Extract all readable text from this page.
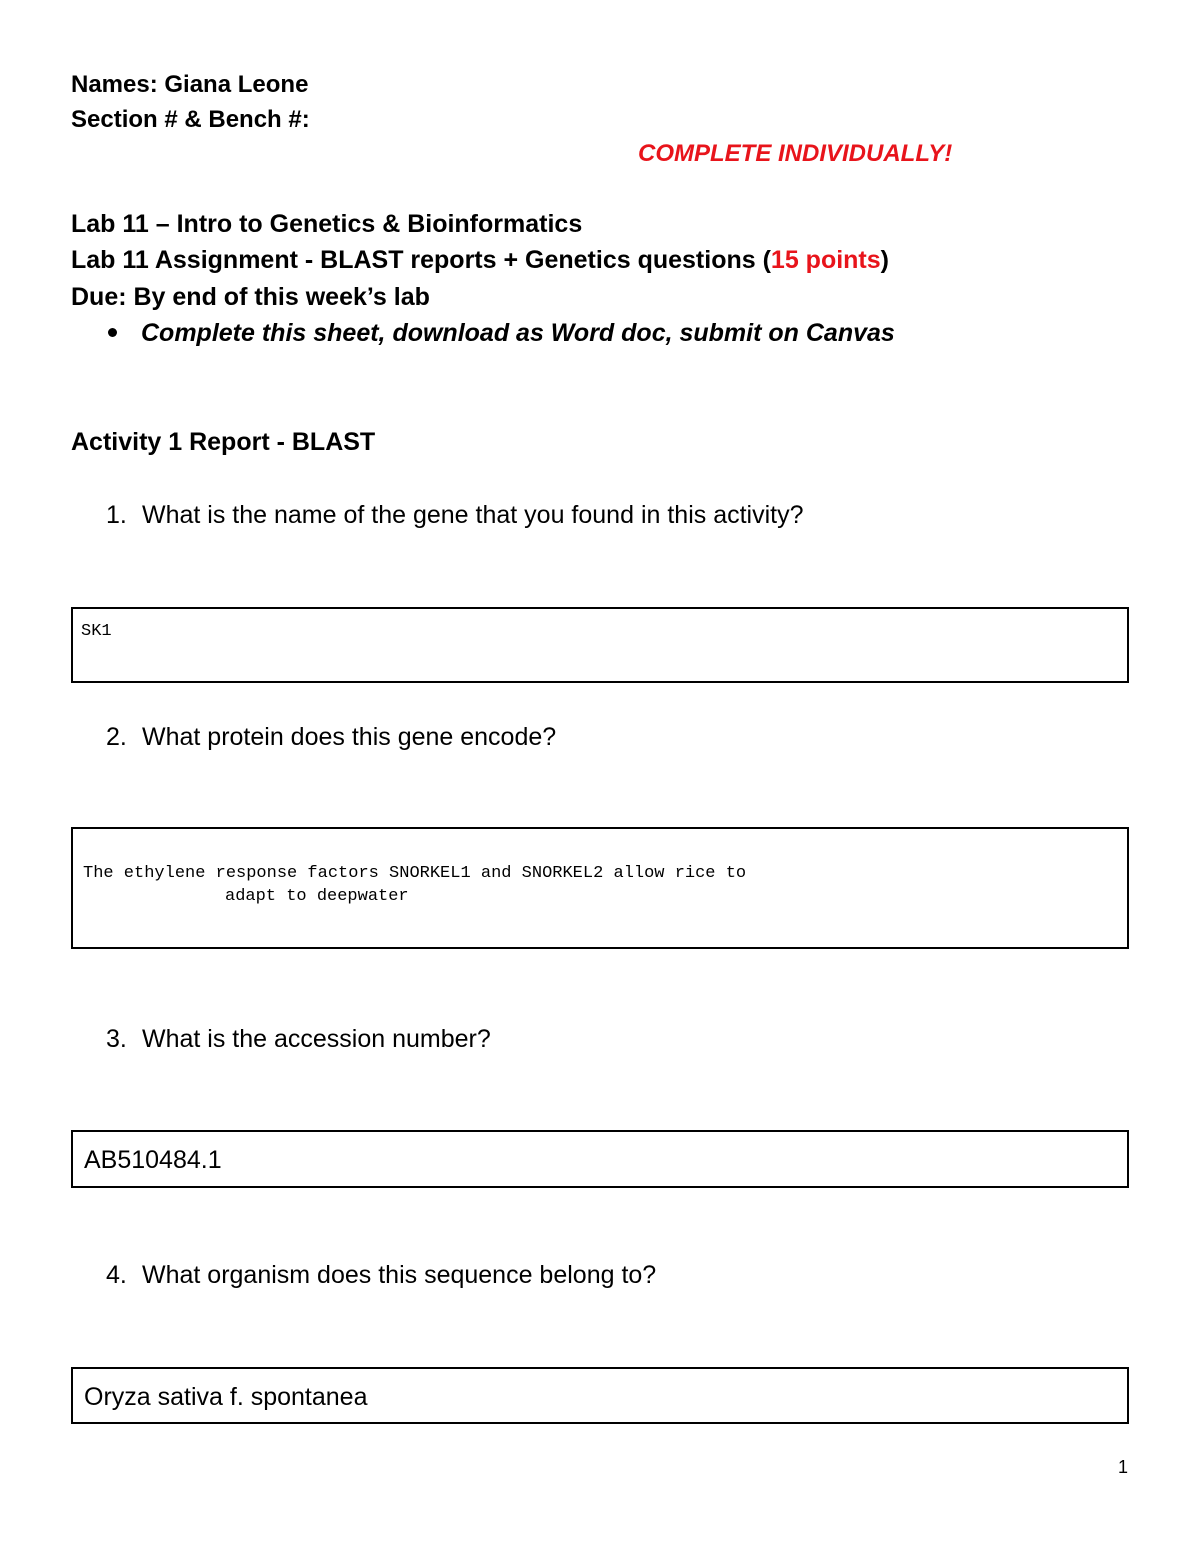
Names: Giana Leone
Section # & Bench #:
COMPLETE INDIVIDUALLY!
Lab 11 – Intro to Genetics & Bioinformatics
Lab 11 Assignment - BLAST reports + Genetics questions (15 points)
Due: By end of this week’s lab
Complete this sheet, download as Word doc, submit on Canvas
Activity 1 Report - BLAST
1. What is the name of the gene that you found in this activity?
SK1
2. What protein does this gene encode?
The ethylene response factors SNORKEL1 and SNORKEL2 allow rice to
adapt to deepwater
3. What is the accession number?
AB510484.1
4. What organism does this sequence belong to?
Oryza sativa f. spontanea
1
